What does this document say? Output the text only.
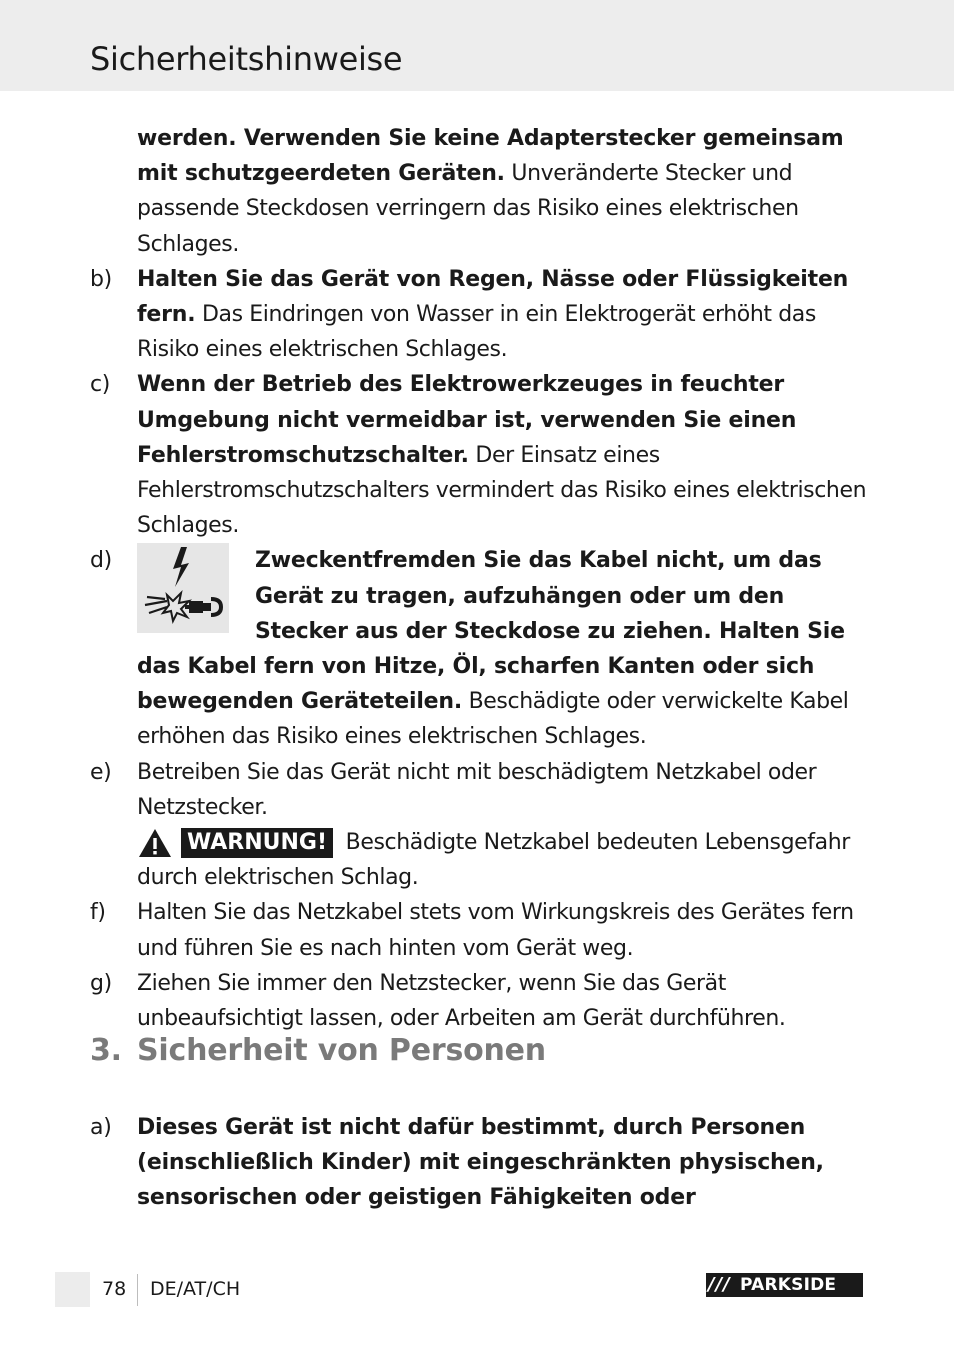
Sicherheitshinweise
werden. Verwenden Sie keine Adapterstecker gemeinsam mit schutzgeerdeten Geräten. Unveränderte Stecker und passende Steckdosen verringern das Risiko eines elektrischen Schlages.
b) Halten Sie das Gerät von Regen, Nässe oder Flüssigkeiten fern. Das Eindringen von Wasser in ein Elektrogerät erhöht das Risiko eines elektrischen Schlages.
c) Wenn der Betrieb des Elektrowerkzeuges in feuchter Umgebung nicht vermeidbar ist, verwenden Sie einen Fehlerstromschutzschalter. Der Einsatz eines Fehlerstromschutzschalters vermindert das Risiko eines elektrischen Schlages.
d)	Zweckentfremden Sie das Kabel nicht, um das Gerät zu tragen, aufzuhängen oder um den Stecker aus der Steckdose zu ziehen. Halten Sie das Kabel fern von Hitze, Öl, scharfen Kanten oder sich bewegenden Geräteteilen. Beschädigte oder verwickelte Kabel erhöhen das Risiko eines elektrischen Schlages.
e) Betreiben Sie das Gerät nicht mit beschädigtem Netzkabel oder Netzstecker.
WARNUNG! Beschädigte Netzkabel bedeuten Lebensgefahr durch elektrischen Schlag.
f) Halten Sie das Netzkabel stets vom Wirkungskreis des Gerätes fern und führen Sie es nach hinten vom Gerät weg.
g) Ziehen Sie immer den Netzstecker, wenn Sie das Gerät unbeaufsichtigt lassen, oder Arbeiten am Gerät durchführen.
3. Sicherheit von Personen
a) Dieses Gerät ist nicht dafür bestimmt, durch Personen (einschließlich Kinder) mit eingeschränkten physischen, sensorischen oder geistigen Fähigkeiten oder
78 DE/AT/CH	/// PARKSIDE
